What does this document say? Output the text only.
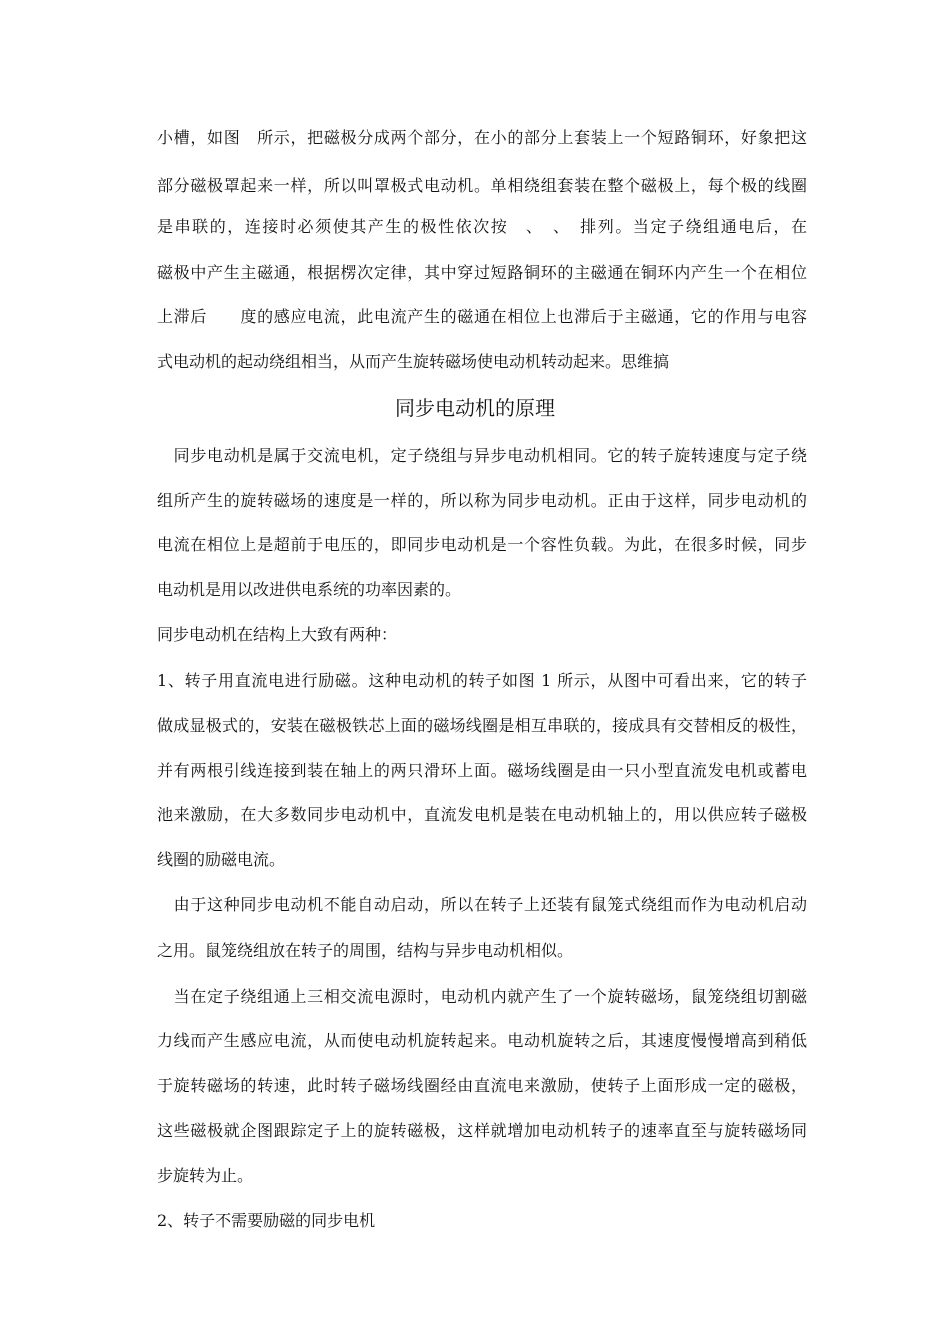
小槽，如图　所示，把磁极分成两个部分，在小的部分上套装上一个短路铜环，好象把这
部分磁极罩起来一样，所以叫罩极式电动机。单相绕组套装在整个磁极上，每个极的线圈
是串联的，连接时必须使其产生的极性依次按　、　、　排列。当定子绕组通电后，在
磁极中产生主磁通，根据楞次定律，其中穿过短路铜环的主磁通在铜环内产生一个在相位
上滞后　　度的感应电流，此电流产生的磁通在相位上也滞后于主磁通，它的作用与电容
式电动机的起动绕组相当，从而产生旋转磁场使电动机转动起来。思维搞
同步电动机的原理
　同步电动机是属于交流电机，定子绕组与异步电动机相同。它的转子旋转速度与定子绕
组所产生的旋转磁场的速度是一样的，所以称为同步电动机。正由于这样，同步电动机的
电流在相位上是超前于电压的，即同步电动机是一个容性负载。为此，在很多时候，同步
电动机是用以改进供电系统的功率因素的。
同步电动机在结构上大致有两种：
1、转子用直流电进行励磁。这种电动机的转子如图 1 所示，从图中可看出来，它的转子
做成显极式的，安装在磁极铁芯上面的磁场线圈是相互串联的，接成具有交替相反的极性，
并有两根引线连接到装在轴上的两只滑环上面。磁场线圈是由一只小型直流发电机或蓄电
池来激励，在大多数同步电动机中，直流发电机是装在电动机轴上的，用以供应转子磁极
线圈的励磁电流。
　由于这种同步电动机不能自动启动，所以在转子上还装有鼠笼式绕组而作为电动机启动
之用。鼠笼绕组放在转子的周围，结构与异步电动机相似。
　当在定子绕组通上三相交流电源时，电动机内就产生了一个旋转磁场，鼠笼绕组切割磁
力线而产生感应电流，从而使电动机旋转起来。电动机旋转之后，其速度慢慢增高到稍低
于旋转磁场的转速，此时转子磁场线圈经由直流电来激励，使转子上面形成一定的磁极，
这些磁极就企图跟踪定子上的旋转磁极，这样就增加电动机转子的速率直至与旋转磁场同
步旋转为止。
2、转子不需要励磁的同步电机
